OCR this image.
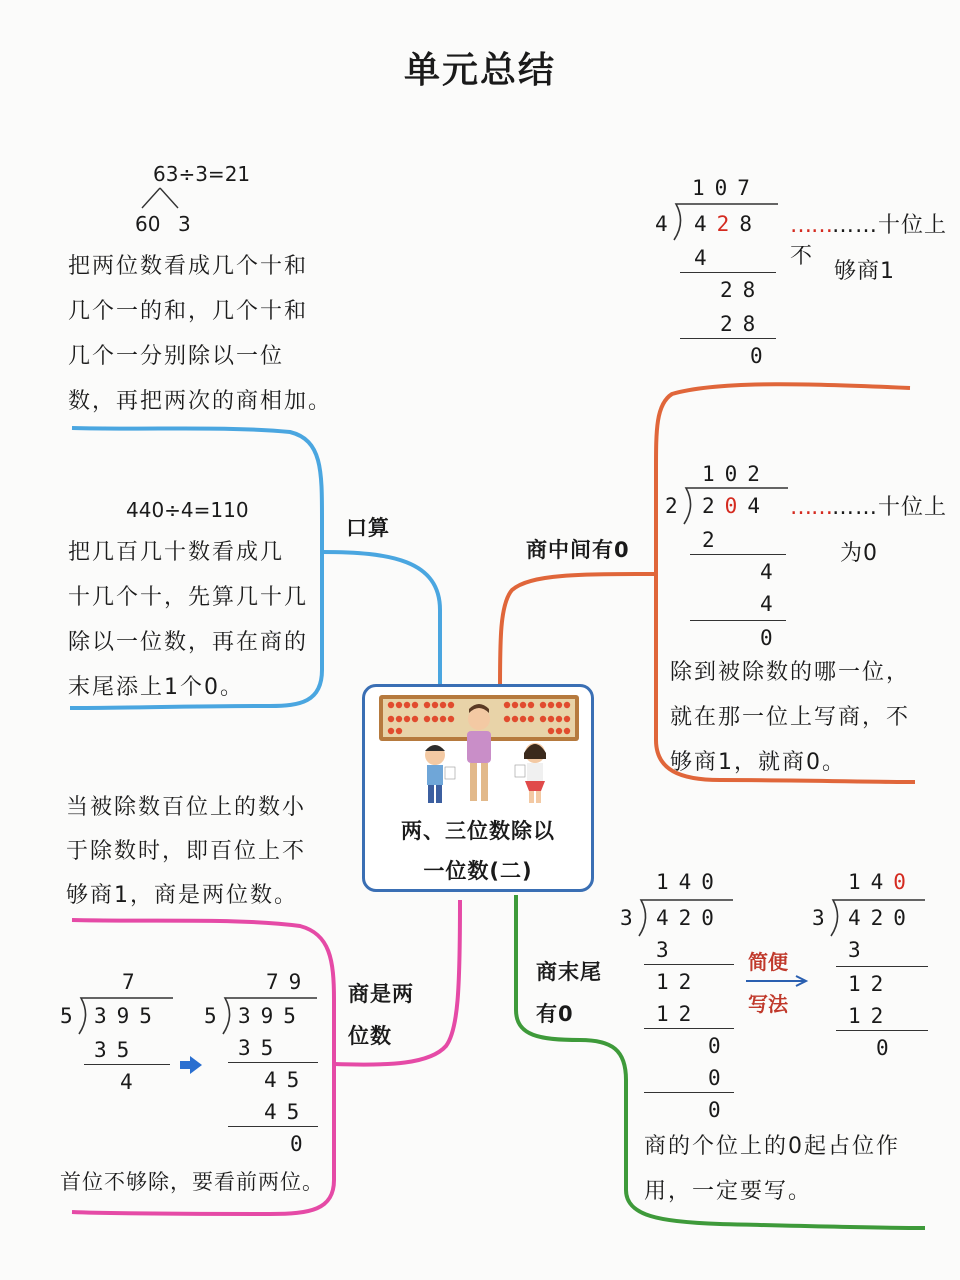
单元总结
63÷3=21
60 3
把两位数看成几个十和
几个一的和，几个十和
几个一分别除以一位
数，再把两次的商相加。
440÷4=110
把几百几十数看成几
十几个十，先算几十几
除以一位数，再在商的
末尾添上1个0。
口算
107
4 428 …………十位上不
够商1
4
28
28
0
102
2 204 …………十位上
为0
2
4
4
0
除到被除数的哪一位，
就在那一位上写商，不
够商1，就商0。
商中间有0
两、三位数除以
一位数(二)
当被除数百位上的数小
于除数时，即百位上不
够商1，商是两位数。
7
5 395
35
4
79
5 395
35
45
45
0
首位不够除，要看前两位。
商是两
位数
商末尾
有0
140
3 420
3
12
12
0
0
0
简便
写法
140
3 420
3
12
12
0
商的个位上的0起占位作
用，一定要写。
